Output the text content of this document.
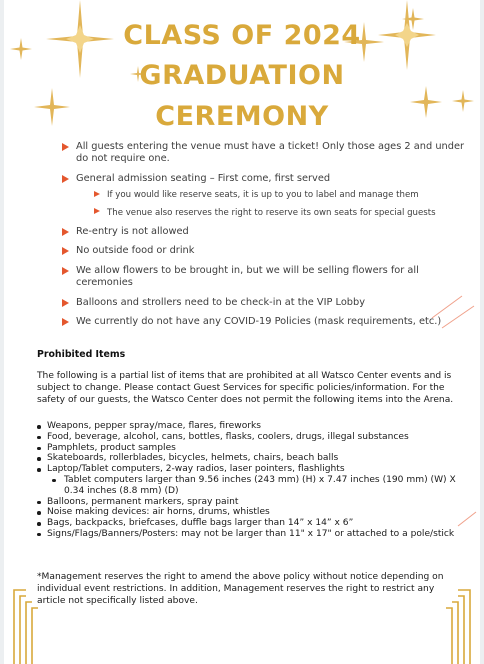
CLASS OF 2024
GRADUATION
CEREMONY
All guests entering the venue must have a ticket! Only those ages 2 and under do not require one.
General admission seating – First come, first served
If you would like reserve seats, it is up to you to label and manage them
The venue also reserves the right to reserve its own seats for special guests
Re-entry is not allowed
No outside food or drink
We allow flowers to be brought in, but we will be selling flowers for all ceremonies
Balloons and strollers need to be check-in at the VIP Lobby
We currently do not have any COVID-19 Policies (mask requirements, etc.)
Prohibited Items
The following is a partial list of items that are prohibited at all Watsco Center events and is subject to change. Please contact Guest Services for specific policies/information. For the safety of our guests, the Watsco Center does not permit the following items into the Arena.
Weapons, pepper spray/mace, flares, fireworks
Food, beverage, alcohol, cans, bottles, flasks, coolers, drugs, illegal substances
Pamphlets, product samples
Skateboards, rollerblades, bicycles, helmets, chairs, beach balls
Laptop/Tablet computers, 2-way radios, laser pointers, flashlights
Tablet computers larger than 9.56 inches (243 mm) (H) x 7.47 inches (190 mm) (W) X 0.34 inches (8.8 mm) (D)
Balloons, permanent markers, spray paint
Noise making devices: air horns, drums, whistles
Bags, backpacks, briefcases, duffle bags larger than 14” x 14” x 6”
Signs/Flags/Banners/Posters: may not be larger than 11" x 17" or attached to a pole/stick
*Management reserves the right to amend the above policy without notice depending on individual event restrictions. In addition, Management reserves the right to restrict any article not specifically listed above.
